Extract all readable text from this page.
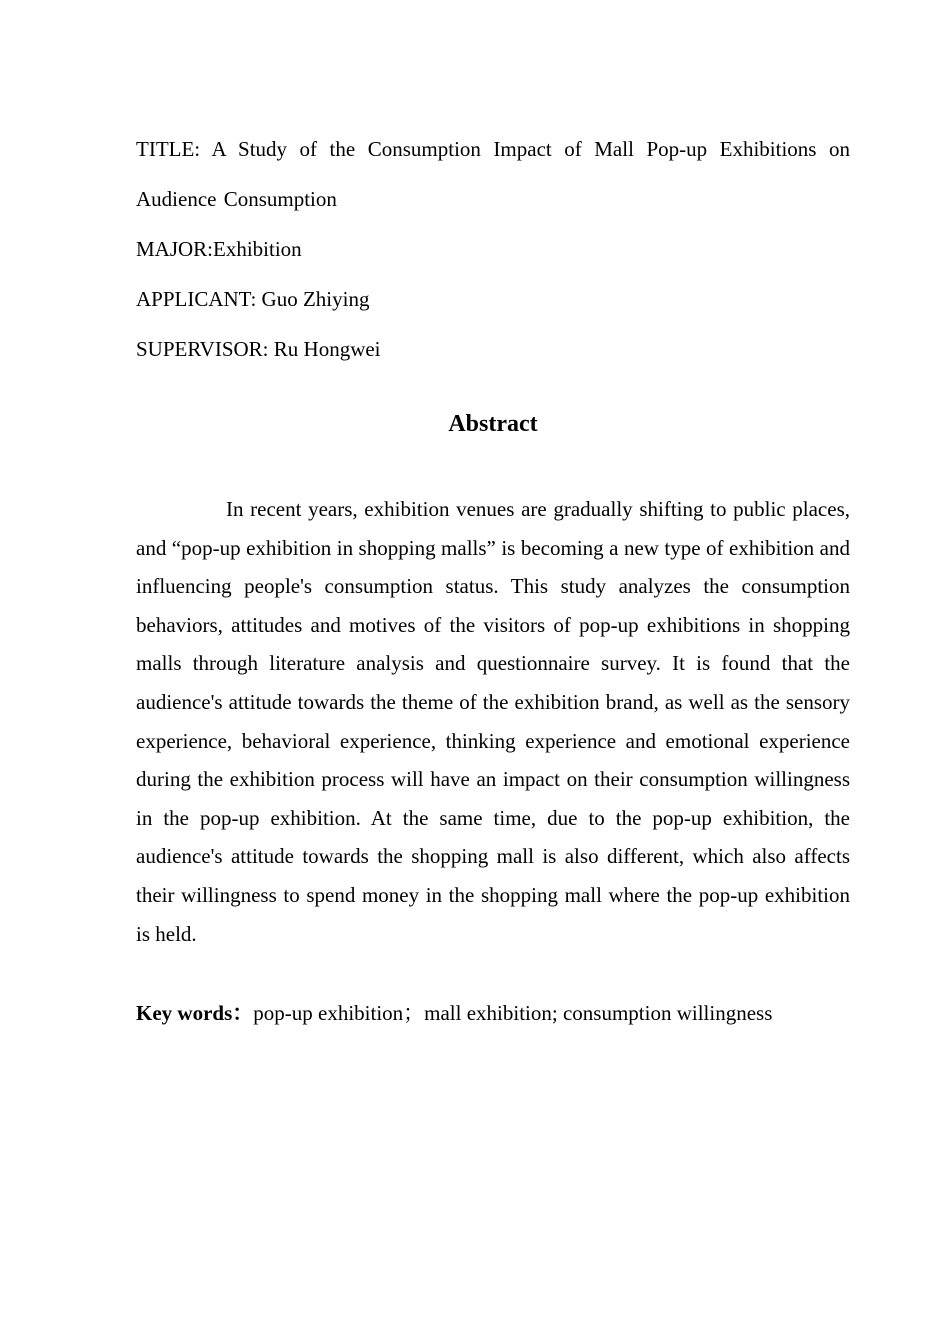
TITLE: A Study of the Consumption Impact of Mall Pop-up Exhibitions on Audience Consumption
MAJOR:Exhibition
APPLICANT: Guo Zhiying
SUPERVISOR: Ru Hongwei
Abstract

In recent years, exhibition venues are gradually shifting to public places, and “pop-up exhibition in shopping malls” is becoming a new type of exhibition and influencing people's consumption status. This study analyzes the consumption behaviors, attitudes and motives of the visitors of pop-up exhibitions in shopping malls through literature analysis and questionnaire survey. It is found that the audience's attitude towards the theme of the exhibition brand, as well as the sensory experience, behavioral experience, thinking experience and emotional experience during the exhibition process will have an impact on their consumption willingness in the pop-up exhibition. At the same time, due to the pop-up exhibition, the audience's attitude towards the shopping mall is also different, which also affects their willingness to spend money in the shopping mall where the pop-up exhibition is held.

Key words：pop-up exhibition；mall exhibition; consumption willingness
